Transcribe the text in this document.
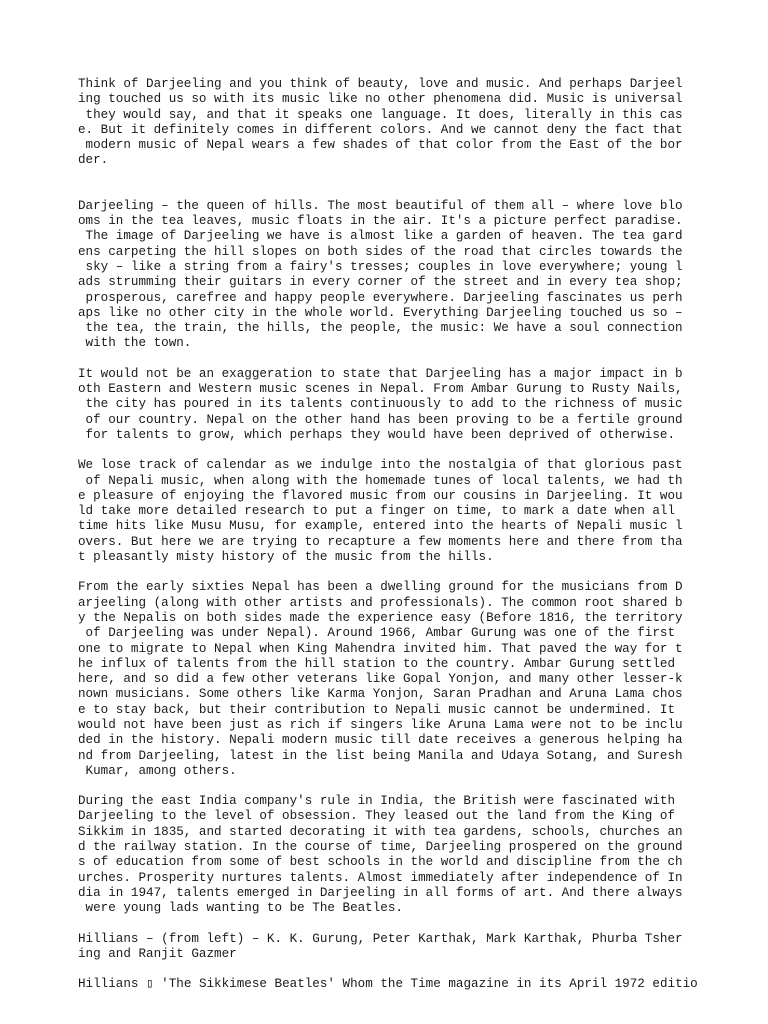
Think of Darjeeling and you think of beauty, love and music. And perhaps Darjeel
ing touched us so with its music like no other phenomena did. Music is universal
they would say, and that it speaks one language. It does, literally in this cas
e. But it definitely comes in different colors. And we cannot deny the fact that
modern music of Nepal wears a few shades of that color from the East of the bor
der.

Darjeeling – the queen of hills. The most beautiful of them all – where love blo
oms in the tea leaves, music floats in the air. It's a picture perfect paradise.
The image of Darjeeling we have is almost like a garden of heaven. The tea gard
ens carpeting the hill slopes on both sides of the road that circles towards the
sky – like a string from a fairy's tresses; couples in love everywhere; young l
ads strumming their guitars in every corner of the street and in every tea shop;
prosperous, carefree and happy people everywhere. Darjeeling fascinates us perh
aps like no other city in the whole world. Everything Darjeeling touched us so –
the tea, the train, the hills, the people, the music: We have a soul connection
with the town.

It would not be an exaggeration to state that Darjeeling has a major impact in b
oth Eastern and Western music scenes in Nepal. From Ambar Gurung to Rusty Nails,
the city has poured in its talents continuously to add to the richness of music
of our country. Nepal on the other hand has been proving to be a fertile ground
for talents to grow, which perhaps they would have been deprived of otherwise.

We lose track of calendar as we indulge into the nostalgia of that glorious past
of Nepali music, when along with the homemade tunes of local talents, we had th
e pleasure of enjoying the flavored music from our cousins in Darjeeling. It wou
ld take more detailed research to put a finger on time, to mark a date when all
time hits like Musu Musu, for example, entered into the hearts of Nepali music l
overs. But here we are trying to recapture a few moments here and there from tha
t pleasantly misty history of the music from the hills.

From the early sixties Nepal has been a dwelling ground for the musicians from D
arjeeling (along with other artists and professionals). The common root shared b
y the Nepalis on both sides made the experience easy (Before 1816, the territory
of Darjeeling was under Nepal). Around 1966, Ambar Gurung was one of the first
one to migrate to Nepal when King Mahendra invited him. That paved the way for t
he influx of talents from the hill station to the country. Ambar Gurung settled
here, and so did a few other veterans like Gopal Yonjon, and many other lesser-k
nown musicians. Some others like Karma Yonjon, Saran Pradhan and Aruna Lama chos
e to stay back, but their contribution to Nepali music cannot be undermined. It
would not have been just as rich if singers like Aruna Lama were not to be inclu
ded in the history. Nepali modern music till date receives a generous helping ha
nd from Darjeeling, latest in the list being Manila and Udaya Sotang, and Suresh
Kumar, among others.

During the east India company's rule in India, the British were fascinated with
Darjeeling to the level of obsession. They leased out the land from the King of
Sikkim in 1835, and started decorating it with tea gardens, schools, churches an
d the railway station. In the course of time, Darjeeling prospered on the ground
s of education from some of best schools in the world and discipline from the ch
urches. Prosperity nurtures talents. Almost immediately after independence of In
dia in 1947, talents emerged in Darjeeling in all forms of art. And there always
were young lads wanting to be The Beatles.

Hillians – (from left) – K. K. Gurung, Peter Karthak, Mark Karthak, Phurba Tsher
ing and Ranjit Gazmer

Hillians ▯ 'The Sikkimese Beatles' Whom the Time magazine in its April 1972 editio
